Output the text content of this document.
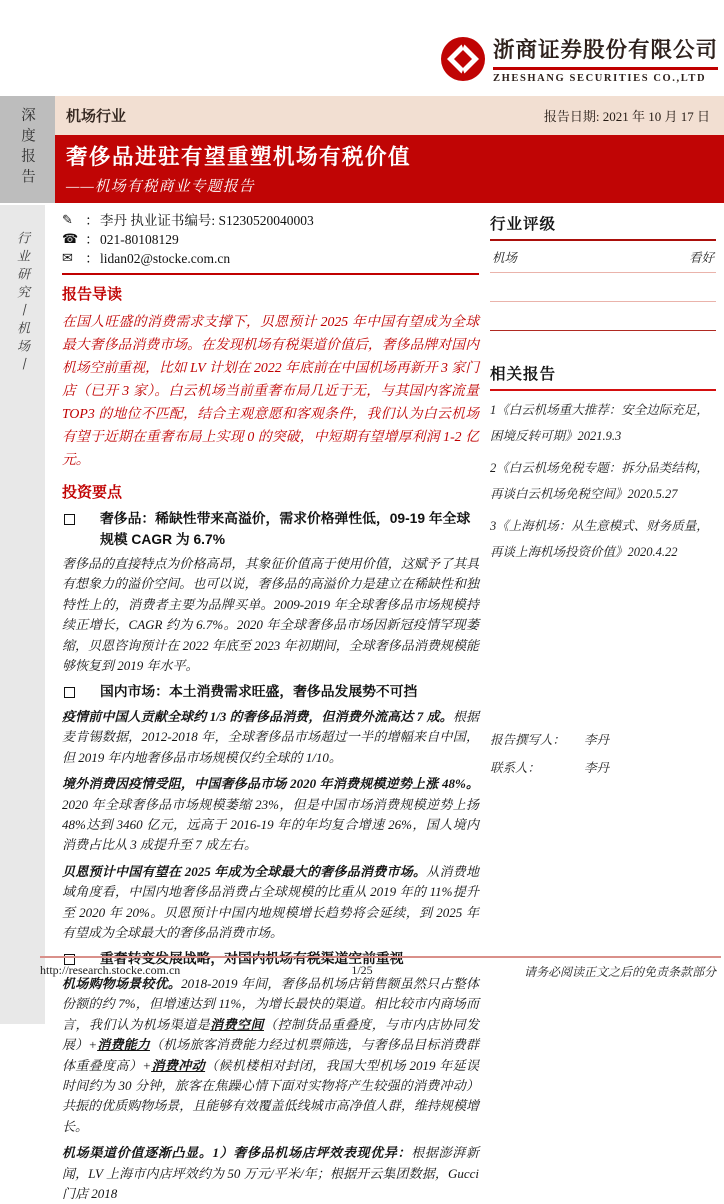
浙商证券股份有限公司
ZHESHANG SECURITIES CO.,LTD
深度报告
行业研究丨机场丨
机场行业	报告日期: 2021 年 10 月 17 日
奢侈品进驻有望重塑机场有税价值
——机场有税商业专题报告
✎ ： 李丹 执业证书编号: S1230520040003
☎ ： 021-80108129
✉ ： lidan02@stocke.com.cn
报告导读

在国人旺盛的消费需求支撑下，贝恩预计 2025 年中国有望成为全球最大奢侈品消费市场。在发现机场有税渠道价值后，奢侈品牌对国内机场空前重视，比如 LV 计划在 2022 年底前在中国机场再新开 3 家门店（已开 3 家）。白云机场当前重奢布局几近于无，与其国内客流量 TOP3 的地位不匹配，结合主观意愿和客观条件，我们认为白云机场有望于近期在重奢布局上实现 0 的突破，中短期有望增厚利润 1-2 亿元。

投资要点
奢侈品：稀缺性带来高溢价，需求价格弹性低，09-19 年全球规模 CAGR 为 6.7%

奢侈品的直接特点为价格高昂，其象征价值高于使用价值，这赋予了其具有想象力的溢价空间。也可以说，奢侈品的高溢价力是建立在稀缺性和独特性上的，消费者主要为品牌买单。2009-2019 年全球奢侈品市场规模持续正增长，CAGR 约为 6.7%。2020 年全球奢侈品市场因新冠疫情罕现萎缩，贝恩咨询预计在 2022 年底至 2023 年初期间，全球奢侈品消费规模能够恢复到 2019 年水平。

国内市场：本土消费需求旺盛，奢侈品发展势不可挡

疫情前中国人贡献全球约 1/3 的奢侈品消费，但消费外流高达 7 成。根据麦肯锡数据，2012-2018 年，全球奢侈品市场超过一半的增幅来自中国，但 2019 年内地奢侈品市场规模仅约全球的 1/10。

境外消费因疫情受阻，中国奢侈品市场 2020 年消费规模逆势上涨 48%。2020 年全球奢侈品市场规模萎缩 23%，但是中国市场消费规模逆势上扬 48%达到 3460 亿元，远高于 2016-19 年的年均复合增速 26%，国人境内消费占比从 3 成提升至 7 成左右。

贝恩预计中国有望在 2025 年成为全球最大的奢侈品消费市场。从消费地域角度看，中国内地奢侈品消费占全球规模的比重从 2019 年的 11%提升至 2020 年 20%。贝恩预计中国内地规模增长趋势将会延续，到 2025 年有望成为全球最大的奢侈品消费市场。

重奢转变发展战略，对国内机场有税渠道空前重视

机场购物场景较优。2018-2019 年间，奢侈品机场店销售额虽然只占整体份额的约 7%，但增速达到 11%，为增长最快的渠道。相比较市内商场而言，我们认为机场渠道是消费空间（控制货品重叠度，与市内店协同发展）+消费能力（机场旅客消费能力经过机票筛选，与奢侈品目标消费群体重叠度高）+消费冲动（候机楼相对封闭，我国大型机场 2019 年延误时间约为 30 分钟，旅客在焦躁心情下面对实物将产生较强的消费冲动）共振的优质购物场景，且能够有效覆盖低线城市高净值人群，维持规模增长。

机场渠道价值逐渐凸显。1）奢侈品机场店坪效表现优异：根据澎湃新闻，LV 上海市内店坪效约为 50 万元/平米/年；根据开云集团数据，Gucci 门店 2018

行业评级
机场	看好
相关报告

1《白云机场重大推荐：安全边际充足，困境反转可期》2021.9.3

2《白云机场免税专题：拆分品类结构，再谈白云机场免税空间》2020.5.27

3《上海机场：从生意模式、财务质量，再谈上海机场投资价值》2020.4.22

报告撰写人：	李丹
联系人：	李丹
http://research.stocke.com.cn	1/25	请务必阅读正文之后的免责条款部分
